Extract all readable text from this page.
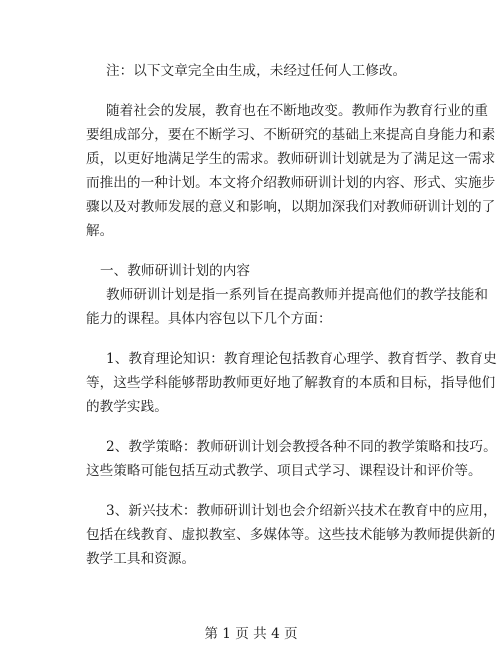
注：以下文章完全由生成，未经过任何人工修改。
随着社会的发展，教育也在不断地改变。教师作为教育行业的重
要组成部分，要在不断学习、不断研究的基础上来提高自身能力和素
质，以更好地满足学生的需求。教师研训计划就是为了满足这一需求
而推出的一种计划。本文将介绍教师研训计划的内容、形式、实施步
骤以及对教师发展的意义和影响，以期加深我们对教师研训计划的了
解。
一、教师研训计划的内容
教师研训计划是指一系列旨在提高教师并提高他们的教学技能和
能力的课程。具体内容包以下几个方面：
1、教育理论知识：教育理论包括教育心理学、教育哲学、教育史
等，这些学科能够帮助教师更好地了解教育的本质和目标，指导他们
的教学实践。
2、教学策略：教师研训计划会教授各种不同的教学策略和技巧。
这些策略可能包括互动式教学、项目式学习、课程设计和评价等。
3、新兴技术：教师研训计划也会介绍新兴技术在教育中的应用，
包括在线教育、虚拟教室、多媒体等。这些技术能够为教师提供新的
教学工具和资源。
第 1 页 共 4 页
